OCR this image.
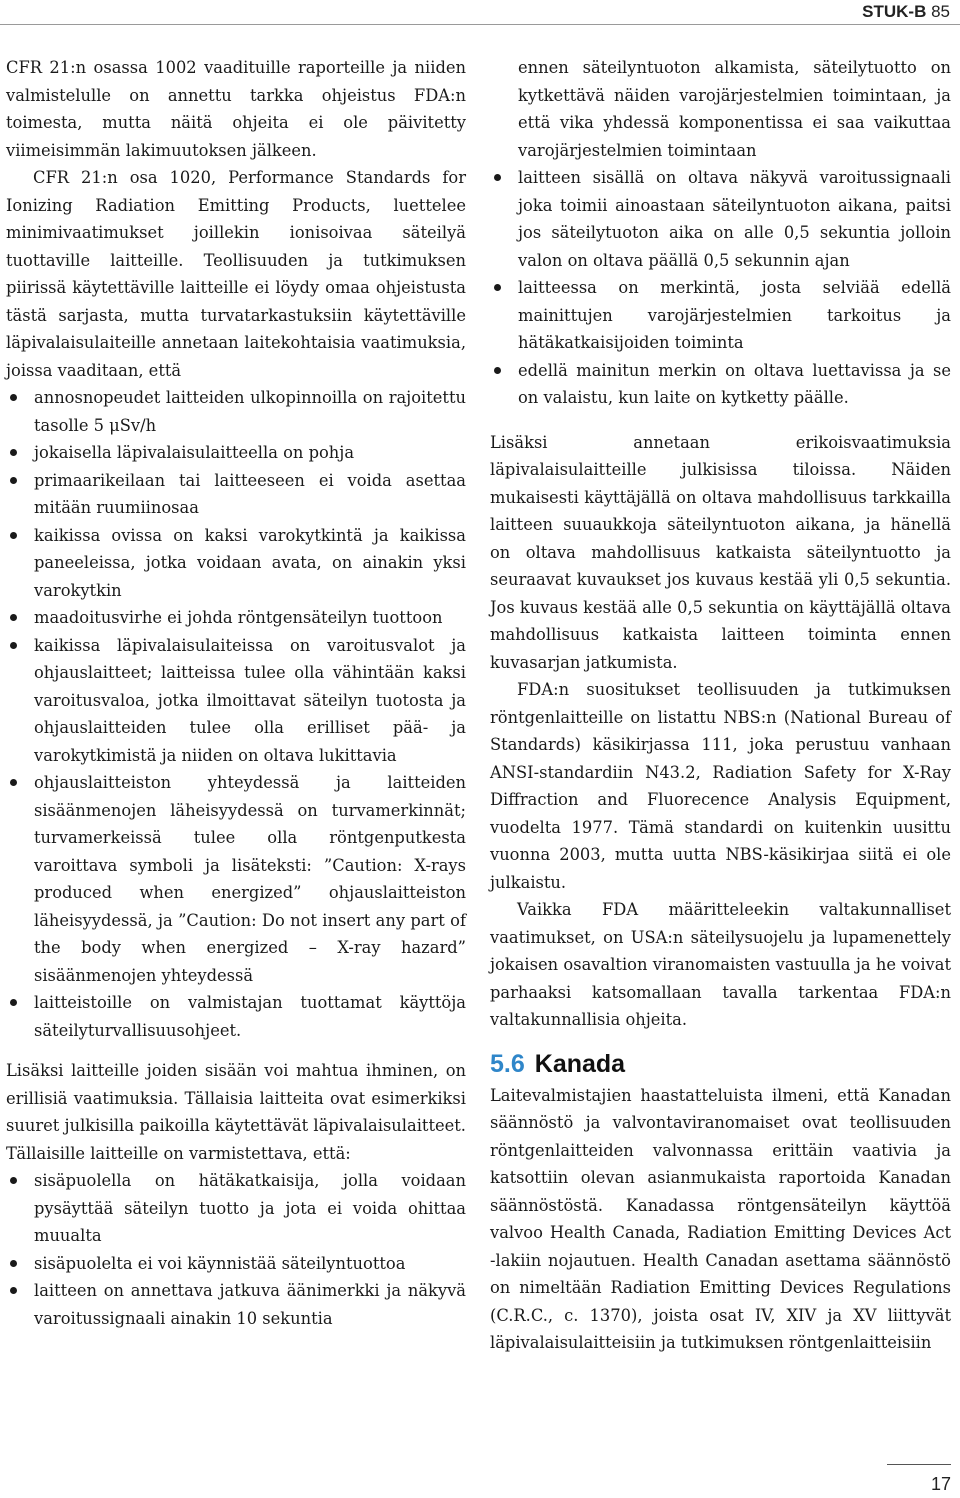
STUK-B 85

CFR 21:n osassa 1002 vaadituille raporteille ja niiden valmistelulle on annettu tarkka ohjeistus FDA:n toimesta, mutta näitä ohjeita ei ole päivitetty viimeisimmän lakimuutoksen jälkeen.

CFR 21:n osa 1020, Performance Standards for Ionizing Radiation Emitting Products, luettelee minimivaatimukset joillekin ionisoivaa säteilyä tuottaville laitteille. Teollisuuden ja tutkimuksen piirissä käytettäville laitteille ei löydy omaa ohjeistusta tästä sarjasta, mutta turvatarkastuksiin käytettäville läpivalaisulaiteille annetaan laitekohtaisia vaatimuksia, joissa vaaditaan, että

annosnopeudet laitteiden ulkopinnoilla on rajoitettu tasolle 5 μSv/h
jokaisella läpivalaisulaitteella on pohja
primaarikeilaan tai laitteeseen ei voida asettaa mitään ruumiinosaa
kaikissa ovissa on kaksi varokytkintä ja kaikissa paneeleissa, jotka voidaan avata, on ainakin yksi varokytkin
maadoitusvirhe ei johda röntgensäteilyn tuottoon
kaikissa läpivalaisulaiteissa on varoitusvalot ja ohjauslaitteet; laitteissa tulee olla vähintään kaksi varoitusvaloa, jotka ilmoittavat säteilyn tuotosta ja ohjauslaitteiden tulee olla erilliset pää- ja varokytkimistä ja niiden on oltava lukittavia
ohjauslaitteiston yhteydessä ja laitteiden sisäänmenojen läheisyydessä on turvamerkinnät; turvamerkeissä tulee olla röntgenputkesta varoittava symboli ja lisäteksti: ”Caution: X-rays produced when energized” ohjauslaitteiston läheisyydessä, ja ”Caution: Do not insert any part of the body when energized – X-ray hazard” sisäänmenojen yhteydessä
laitteistoille on valmistajan tuottamat käyttöja säteilyturvallisuusohjeet.

Lisäksi laitteille joiden sisään voi mahtua ihminen, on erillisiä vaatimuksia. Tällaisia laitteita ovat esimerkiksi suuret julkisilla paikoilla käytettävät läpivalaisulaitteet. Tällaisille laitteille on varmistettava, että:

sisäpuolella on hätäkatkaisija, jolla voidaan pysäyttää säteilyn tuotto ja jota ei voida ohittaa muualta
sisäpuolelta ei voi käynnistää säteilyntuottoa
laitteen on annettava jatkuva äänimerkki ja näkyvä varoitussignaali ainakin 10 sekuntia

ennen säteilyntuoton alkamista, säteilytuotto on kytkettävä näiden varojärjestelmien toimintaan, ja että vika yhdessä komponentissa ei saa vaikuttaa varojärjestelmien toimintaan

laitteen sisällä on oltava näkyvä varoitussignaali joka toimii ainoastaan säteilyntuoton aikana, paitsi jos säteilytuoton aika on alle 0,5 sekuntia jolloin valon on oltava päällä 0,5 sekunnin ajan
laitteessa on merkintä, josta selviää edellä mainittujen varojärjestelmien tarkoitus ja hätäkatkaisijoiden toiminta
edellä mainitun merkin on oltava luettavissa ja se on valaistu, kun laite on kytketty päälle.

Lisäksi annetaan erikoisvaatimuksia läpivalaisulaitteille julkisissa tiloissa. Näiden mukaisesti käyttäjällä on oltava mahdollisuus tarkkailla laitteen suuaukkoja säteilyntuoton aikana, ja hänellä on oltava mahdollisuus katkaista säteilyntuotto ja seuraavat kuvaukset jos kuvaus kestää yli 0,5 sekuntia. Jos kuvaus kestää alle 0,5 sekuntia on käyttäjällä oltava mahdollisuus katkaista laitteen toiminta ennen kuvasarjan jatkumista.

FDA:n suositukset teollisuuden ja tutkimuksen röntgenlaitteille on listattu NBS:n (National Bureau of Standards) käsikirjassa 111, joka perustuu vanhaan ANSI-standardiin N43.2, Radiation Safety for X-Ray Diffraction and Fluorecence Analysis Equipment, vuodelta 1977. Tämä standardi on kuitenkin uusittu vuonna 2003, mutta uutta NBS-käsikirjaa siitä ei ole julkaistu.

Vaikka FDA määritteleekin valtakunnalliset vaatimukset, on USA:n säteilysuojelu ja lupamenettely jokaisen osavaltion viranomaisten vastuulla ja he voivat parhaaksi katsomallaan tavalla tarkentaa FDA:n valtakunnallisia ohjeita.

5.6 Kanada

Laitevalmistajien haastatteluista ilmeni, että Kanadan säännöstö ja valvontaviranomaiset ovat teollisuuden röntgenlaitteiden valvonnassa erittäin vaativia ja katsottiin olevan asianmukaista raportoida Kanadan säännöstöstä. Kanadassa röntgensäteilyn käyttöä valvoo Health Canada, Radiation Emitting Devices Act -lakiin nojautuen. Health Canadan asettama säännöstö on nimeltään Radiation Emitting Devices Regulations (C.R.C., c. 1370), joista osat IV, XIV ja XV liittyvät läpivalaisulaitteisiin ja tutkimuksen röntgenlaitteisiin

17
